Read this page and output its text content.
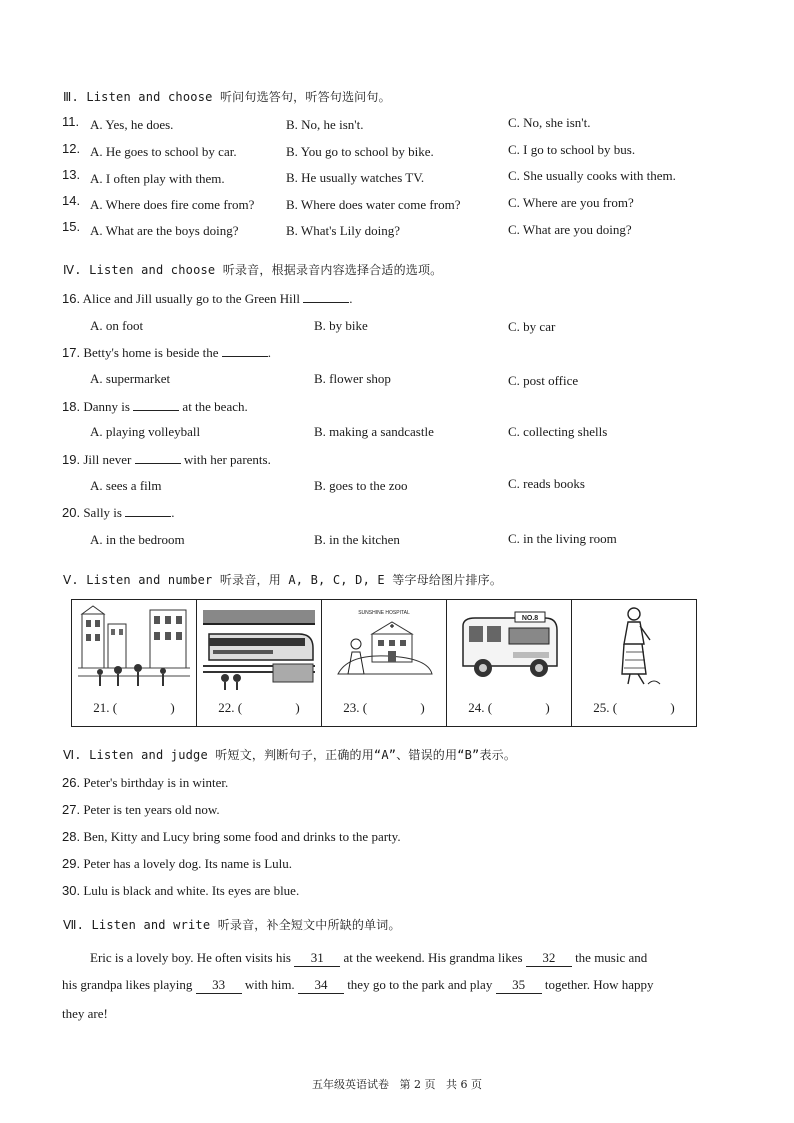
Ⅲ. Listen and choose 听问句选答句，听答句选问句。
11. A. Yes, he does.	B. No, he isn't.	C. No, she isn't.
12. A. He goes to school by car.	B. You go to school by bike.	C. I go to school by bus.
13. A. I often play with them.	B. He usually watches TV.	C. She usually cooks with them.
14. A. Where does fire come from? B. Where does water come from?	C. Where are you from?
15. A. What are the boys doing?	B. What's Lily doing?	C. What are you doing?
Ⅳ. Listen and choose 听录音，根据录音内容选择合适的选项。
16. Alice and Jill usually go to the Green Hill	.
A. on foot	B. by bike	C. by car
17. Betty's home is beside the	.
A. supermarket	B. flower shop	C. post office
18. Danny is	at the beach.
A. playing volleyball	B. making a sandcastle	C. collecting shells
19. Jill never	with her parents.
A. sees a film	B. goes to the zoo	C. reads books
20. Sally is	.
A. in the bedroom	B. in the kitchen	C. in the living room
Ⅴ. Listen and number 听录音，用 A, B, C, D, E 等字母给图片排序。
21. ( )	22. ( )
SUNSHINE HOSPITAL
23. ( )
NO.8
24. ( )	25. ( )
Ⅵ. Listen and judge 听短文，判断句子，正确的用“A”、错误的用“B”表示。
26. Peter's birthday is in winter.
27. Peter is ten years old now.
28. Ben, Kitty and Lucy bring some food and drinks to the party.
29. Peter has a lovely dog. Its name is Lulu.
30. Lulu is black and white. Its eyes are blue.
Ⅶ. Listen and write 听录音，补全短文中所缺的单词。
Eric is a lovely boy. He often visits his 31 at the weekend. His grandma likes 32 the music and
his grandpa likes playing 33 with him. 34 they go to the park and play 35 together. How happy
they are!
五年级英语试卷   第 2 页   共 6 页
